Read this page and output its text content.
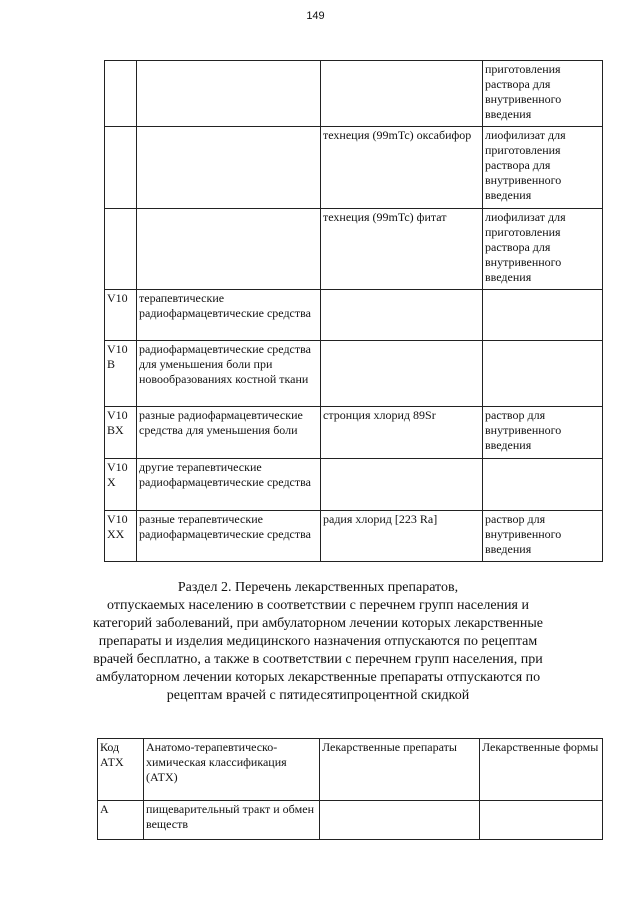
149
			приготовления раствора для внутривенного введения
		технеция (99mTc) оксабифор	лиофилизат для приготовления раствора для внутривенного введения
		технеция (99mTc) фитат	лиофилизат для приготовления раствора для внутривенного введения
V10	терапевтические радиофармацевтические средства		
V10 B	радиофармацевтические средства для уменьшения боли при новообразованиях костной ткани		
V10 BX	разные радиофармацевтические средства для уменьшения боли	стронция хлорид 89Sr	раствор для внутривенного введения
V10 X	другие терапевтические радиофармацевтические средства		
V10 XX	разные терапевтические радиофармацевтические средства	радия хлорид [223 Ra]	раствор для внутривенного введения
Раздел 2. Перечень лекарственных препаратов,
отпускаемых населению в соответствии с перечнем групп населения и
категорий заболеваний, при амбулаторном лечении которых лекарственные
препараты и изделия медицинского назначения отпускаются по рецептам
врачей бесплатно, а также в соответствии с перечнем групп населения, при
амбулаторном лечении которых лекарственные препараты отпускаются по
рецептам врачей с пятидесятипроцентной скидкой
Код АТХ	Анатомо-терапевтическо-химическая классификация (АТХ)	Лекарственные препараты	Лекарственные формы
А	пищеварительный тракт и обмен веществ		
